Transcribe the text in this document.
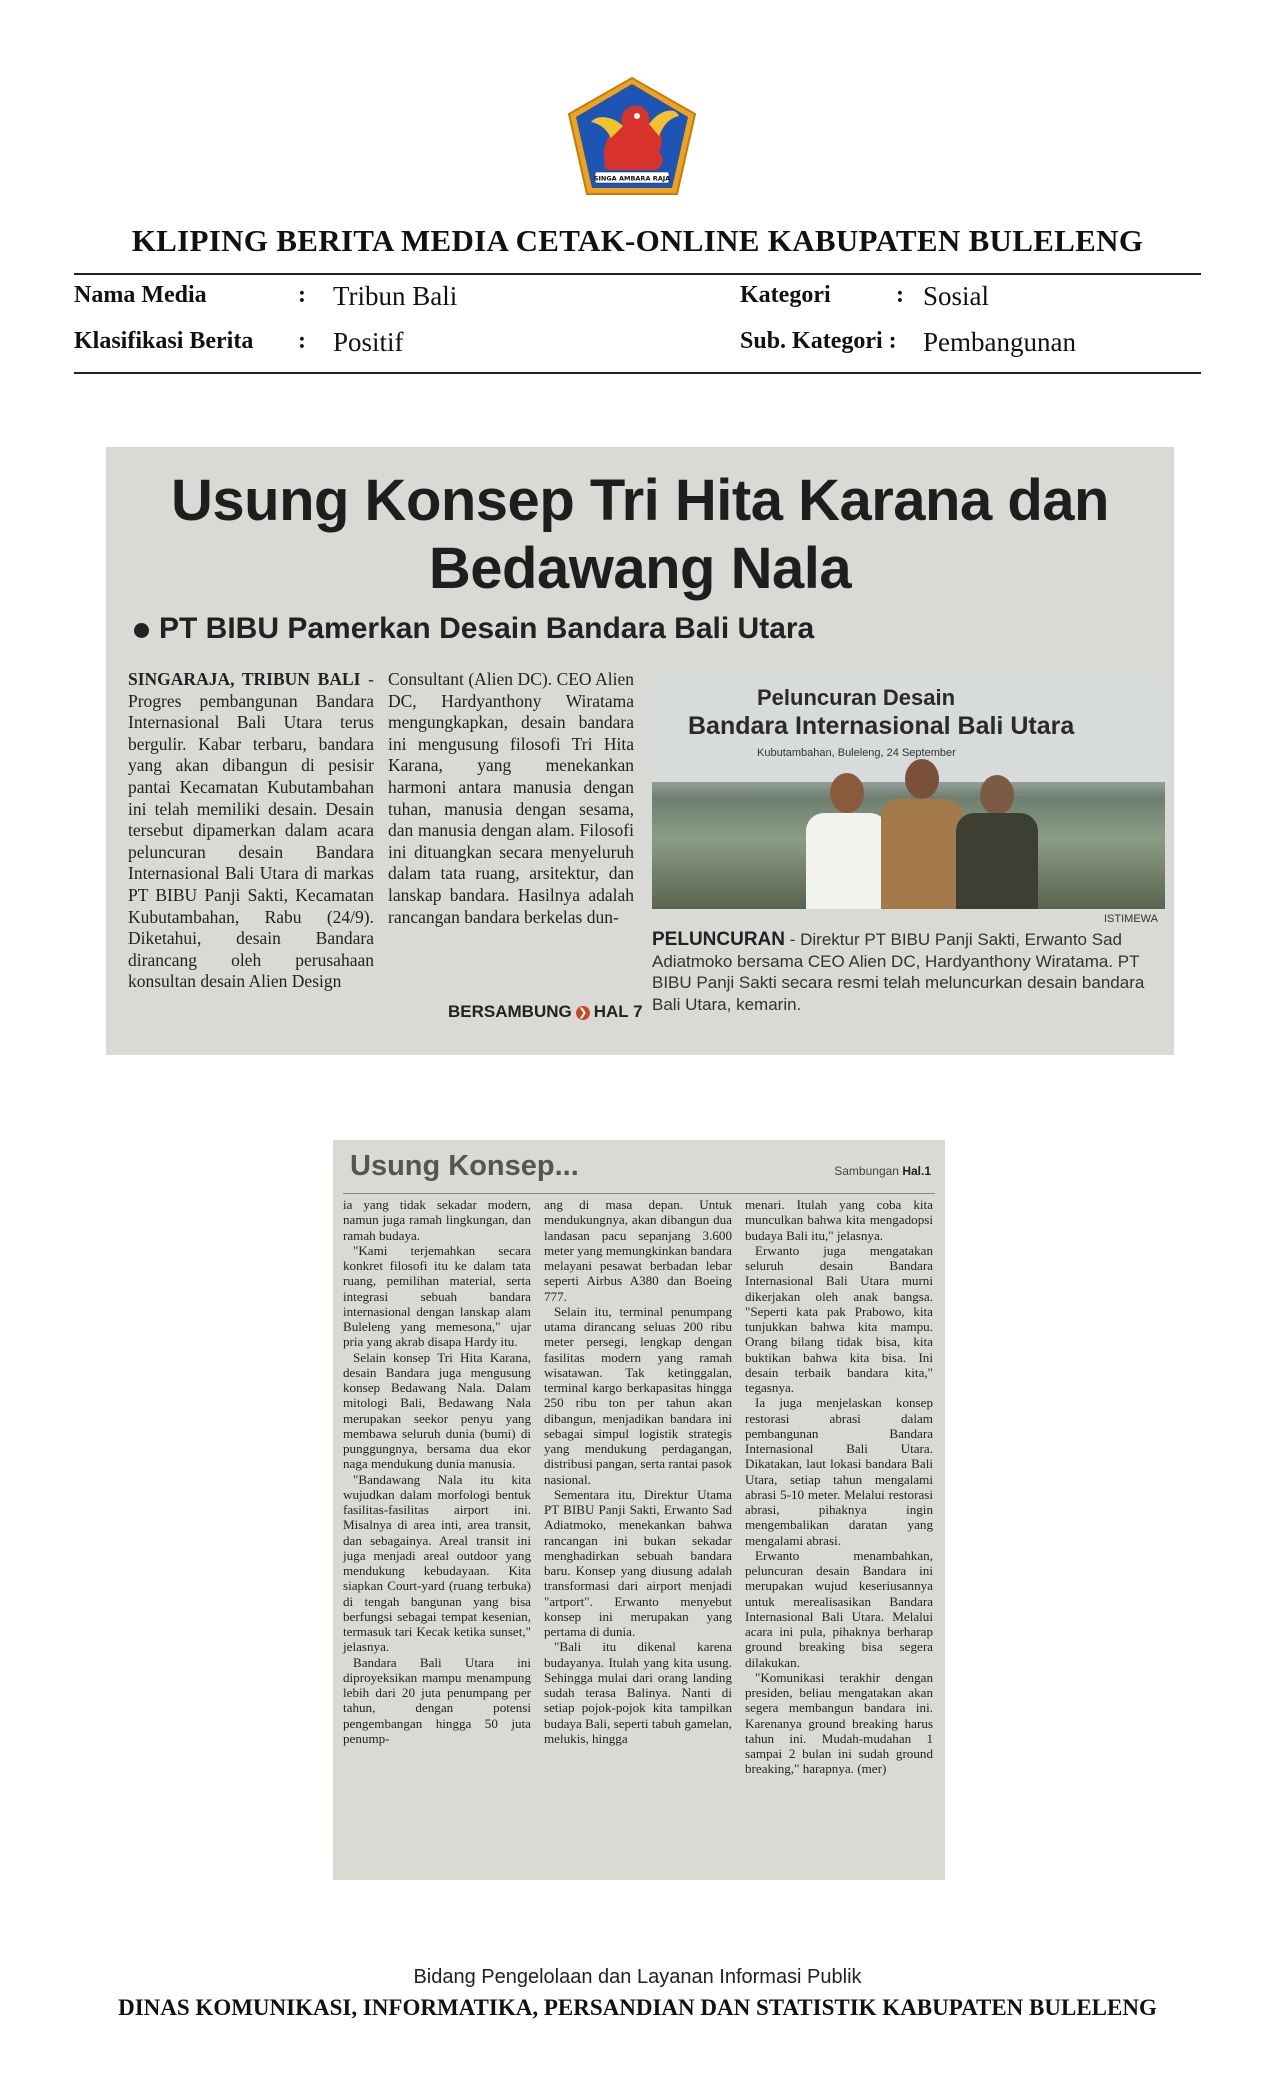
SINGA AMBARA RAJA
KLIPING BERITA MEDIA CETAK-ONLINE KABUPATEN BULELENG
Nama Media	: Tribun Bali
Klasifikasi Berita : Positif
Kategori	: Sosial
Sub. Kategori : Pembangunan
Usung Konsep Tri Hita Karana dan
Bedawang Nala
PT BIBU Pamerkan Desain Bandara Bali Utara
SINGARAJA, TRIBUN BALI - Progres pembangunan Bandara Internasional Bali Utara terus bergulir. Kabar terbaru, bandara yang akan dibangun di pesisir pantai Kecamatan Kubutambahan ini telah memiliki desain. Desain tersebut dipamerkan dalam acara peluncuran desain Bandara Internasional Bali Utara di markas PT BIBU Panji Sakti, Kecamatan Kubutambahan, Rabu (24/9). Diketahui, desain Bandara dirancang oleh perusahaan konsultan desain Alien Design
Consultant (Alien DC). CEO Alien DC, Hardyanthony Wiratama mengungkapkan, desain bandara ini mengusung filosofi Tri Hita Karana, yang menekankan harmoni antara manusia dengan tuhan, manusia dengan sesama, dan manusia dengan alam. Filosofi ini dituangkan secara menyeluruh dalam tata ruang, arsitektur, dan lanskap bandara. Hasilnya adalah rancangan bandara berkelas dun-
Peluncuran Desain
Bandara Internasional Bali Utara
Kubutambahan, Buleleng, 24 September
ISTIMEWA
PELUNCURAN - Direktur PT BIBU Panji Sakti, Erwanto Sad Adiatmoko bersama CEO Alien DC, Hardyanthony Wiratama. PT BIBU Panji Sakti secara resmi telah meluncurkan desain bandara Bali Utara, kemarin.
BERSAMBUNG ❯ HAL 7
Usung Konsep...	Sambungan Hal.1

ia yang tidak sekadar modern, namun juga ramah lingkungan, dan ramah budaya.

"Kami terjemahkan secara konkret filosofi itu ke dalam tata ruang, pemilihan material, serta integrasi sebuah bandara internasional dengan lanskap alam Buleleng yang memesona," ujar pria yang akrab disapa Hardy itu.

Selain konsep Tri Hita Karana, desain Bandara juga mengusung konsep Bedawang Nala. Dalam mitologi Bali, Bedawang Nala merupakan seekor penyu yang membawa seluruh dunia (bumi) di punggungnya, bersama dua ekor naga mendukung dunia manusia.

"Bandawang Nala itu kita wujudkan dalam morfologi bentuk fasilitas-fasilitas airport ini. Misalnya di area inti, area transit, dan sebagainya. Areal transit ini juga menjadi areal outdoor yang mendukung kebudayaan. Kita siapkan Court-yard (ruang terbuka) di tengah bangunan yang bisa berfungsi sebagai tempat kesenian, termasuk tari Kecak ketika sunset," jelasnya.

Bandara Bali Utara ini diproyeksikan mampu menampung lebih dari 20 juta penumpang per tahun, dengan potensi pengembangan hingga 50 juta penump-

ang di masa depan. Untuk mendukungnya, akan dibangun dua landasan pacu sepanjang 3.600 meter yang memungkinkan bandara melayani pesawat berbadan lebar seperti Airbus A380 dan Boeing 777.

Selain itu, terminal penumpang utama dirancang seluas 200 ribu meter persegi, lengkap dengan fasilitas modern yang ramah wisatawan. Tak ketinggalan, terminal kargo berkapasitas hingga 250 ribu ton per tahun akan dibangun, menjadikan bandara ini sebagai simpul logistik strategis yang mendukung perdagangan, distribusi pangan, serta rantai pasok nasional.

Sementara itu, Direktur Utama PT BIBU Panji Sakti, Erwanto Sad Adiatmoko, menekankan bahwa rancangan ini bukan sekadar menghadirkan sebuah bandara baru. Konsep yang diusung adalah transformasi dari airport menjadi "artport". Erwanto menyebut konsep ini merupakan yang pertama di dunia.

"Bali itu dikenal karena budayanya. Itulah yang kita usung. Sehingga mulai dari orang landing sudah terasa Balinya. Nanti di setiap pojok-pojok kita tampilkan budaya Bali, seperti tabuh gamelan, melukis, hingga

menari. Itulah yang coba kita munculkan bahwa kita mengadopsi budaya Bali itu," jelasnya.

Erwanto juga mengatakan seluruh desain Bandara Internasional Bali Utara murni dikerjakan oleh anak bangsa. "Seperti kata pak Prabowo, kita tunjukkan bahwa kita mampu. Orang bilang tidak bisa, kita buktikan bahwa kita bisa. Ini desain terbaik bandara kita," tegasnya.

Ia juga menjelaskan konsep restorasi abrasi dalam pembangunan Bandara Internasional Bali Utara. Dikatakan, laut lokasi bandara Bali Utara, setiap tahun mengalami abrasi 5-10 meter. Melalui restorasi abrasi, pihaknya ingin mengembalikan daratan yang mengalami abrasi.

Erwanto menambahkan, peluncuran desain Bandara ini merupakan wujud keseriusannya untuk merealisasikan Bandara Internasional Bali Utara. Melalui acara ini pula, pihaknya berharap ground breaking bisa segera dilakukan.

"Komunikasi terakhir dengan presiden, beliau mengatakan akan segera membangun bandara ini. Karenanya ground breaking harus tahun ini. Mudah-mudahan 1 sampai 2 bulan ini sudah ground breaking," harapnya. (mer)

Bidang Pengelolaan dan Layanan Informasi Publik
DINAS KOMUNIKASI, INFORMATIKA, PERSANDIAN DAN STATISTIK KABUPATEN BULELENG
